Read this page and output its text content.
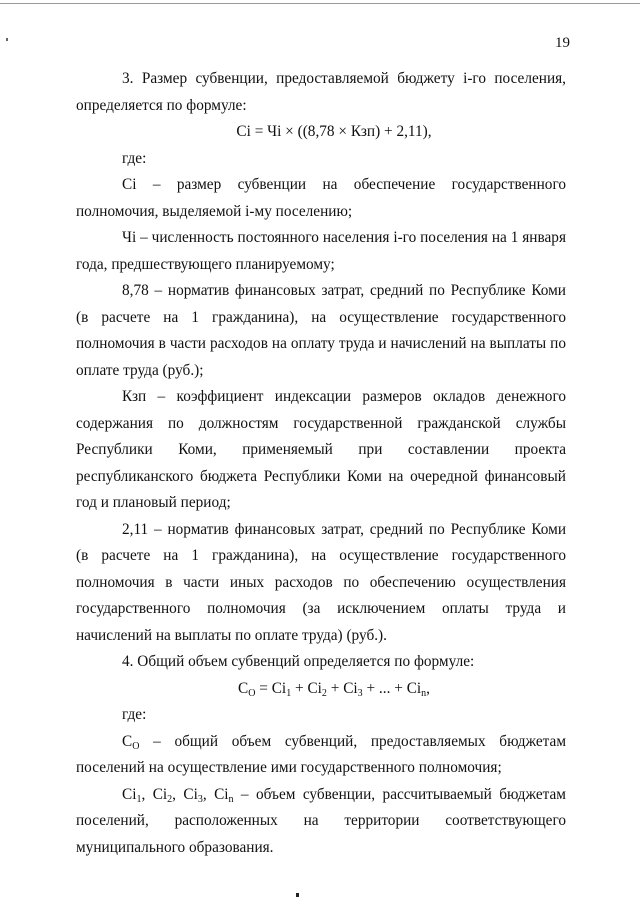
19

3. Размер субвенции, предоставляемой бюджету i-го поселения, определяется по формуле:

Ci = Чi × ((8,78 × Кзп) + 2,11),

где:

Ci – размер субвенции на обеспечение государственного полномочия, выделяемой i-му поселению;

Чi – численность постоянного населения i-го поселения на 1 января года, предшествующего планируемому;

8,78 – норматив финансовых затрат, средний по Республике Коми (в расчете на 1 гражданина), на осуществление государственного полномочия в части расходов на оплату труда и начислений на выплаты по оплате труда (руб.);

Кзп – коэффициент индексации размеров окладов денежного содержания по должностям государственной гражданской службы Республики Коми, применяемый при составлении проекта республиканского бюджета Республики Коми на очередной финансовый год и плановый период;

2,11 – норматив финансовых затрат, средний по Республике Коми (в расчете на 1 гражданина), на осуществление государственного полномочия в части иных расходов по обеспечению осуществления государственного полномочия (за исключением оплаты труда и начислений на выплаты по оплате труда) (руб.).

4. Общий объем субвенций определяется по формуле:

$C_O = Ci_1 + Ci_2 + Ci_3$ + ... + $Ci_n$,

где:

$C_O$ – общий объем субвенций, предоставляемых бюджетам поселений на осуществление ими государственного полномочия;

$Ci_1$, $Ci_2$, $Ci_3$, $Ci_n$ – объем субвенции, рассчитываемый бюджетам поселений, расположенных на территории соответствующего муниципального образования.
